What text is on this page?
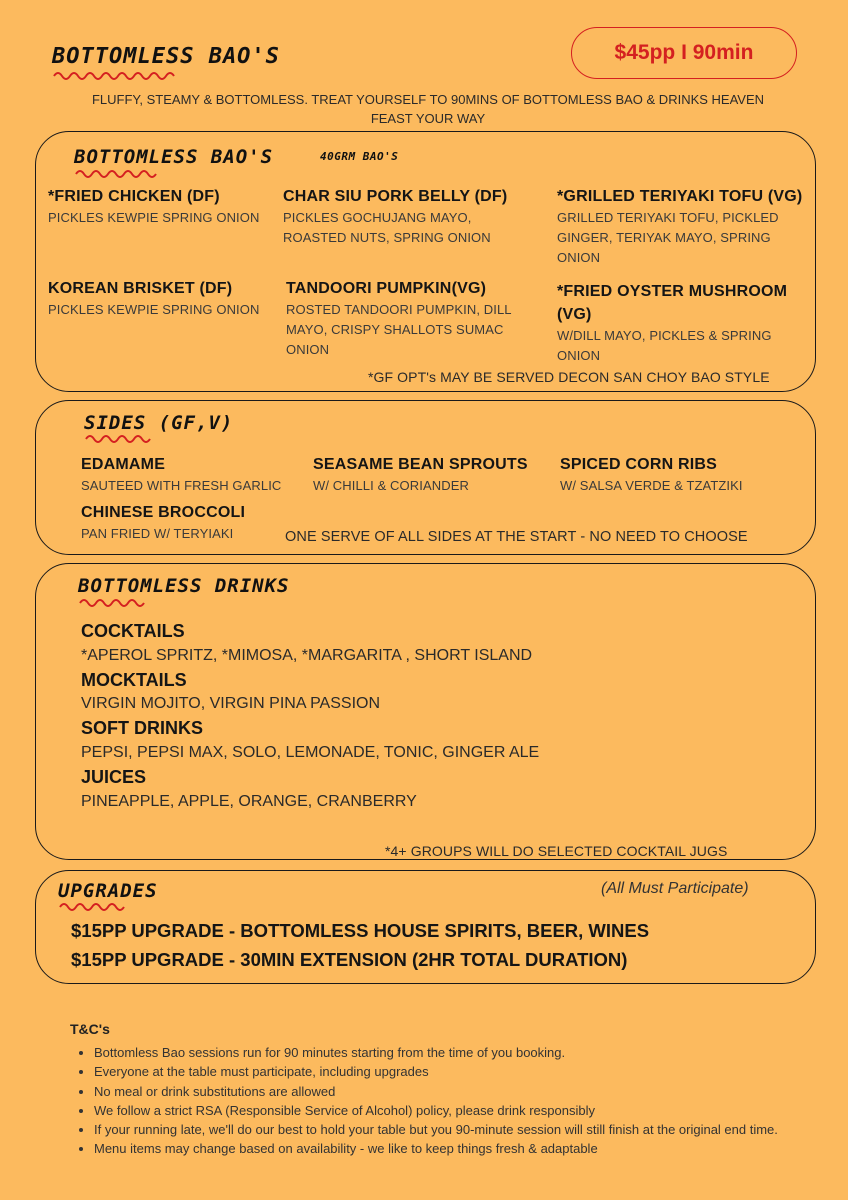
BOTTOMLESS BAO'S	$45pp I 90min
FLUFFY, STEAMY & BOTTOMLESS. TREAT YOURSELF TO 90MINS OF BOTTOMLESS BAO & DRINKS HEAVEN
FEAST YOUR WAY
BOTTOMLESS BAO'S	40GRM BAO'S
*FRIED CHICKEN (DF)
PICKLES KEWPIE SPRING ONION
CHAR SIU PORK BELLY (DF)
PICKLES GOCHUJANG MAYO, ROASTED NUTS, SPRING ONION
*GRILLED TERIYAKI TOFU (VG)
GRILLED TERIYAKI TOFU, PICKLED GINGER, TERIYAK MAYO, SPRING ONION
KOREAN BRISKET (DF)
PICKLES KEWPIE SPRING ONION
TANDOORI PUMPKIN(VG)
ROSTED TANDOORI PUMPKIN, DILL MAYO, CRISPY SHALLOTS SUMAC ONION
*FRIED OYSTER MUSHROOM (VG)
W/DILL MAYO, PICKLES & SPRING ONION
*GF OPT's MAY BE SERVED DECON SAN CHOY BAO STYLE
SIDES (GF,V)
EDAMAME
SAUTEED WITH FRESH GARLIC
SEASAME BEAN SPROUTS
W/ CHILLI & CORIANDER
SPICED CORN RIBS
W/ SALSA VERDE & TZATZIKI
CHINESE BROCCOLI
PAN FRIED W/ TERYIAKI	ONE SERVE OF ALL SIDES AT THE START - NO NEED TO CHOOSE
BOTTOMLESS DRINKS
COCKTAILS
*APEROL SPRITZ, *MIMOSA, *MARGARITA , SHORT ISLAND
MOCKTAILS
VIRGIN MOJITO, VIRGIN PINA PASSION
SOFT DRINKS
PEPSI, PEPSI MAX, SOLO, LEMONADE, TONIC, GINGER ALE
JUICES
PINEAPPLE, APPLE, ORANGE, CRANBERRY
*4+ GROUPS WILL DO SELECTED COCKTAIL JUGS
UPGRADES	(All Must Participate)
$15PP UPGRADE - BOTTOMLESS HOUSE SPIRITS, BEER, WINES
$15PP UPGRADE - 30MIN EXTENSION (2HR TOTAL DURATION)
T&C's
• Bottomless Bao sessions run for 90 minutes starting from the time of you booking.
• Everyone at the table must participate, including upgrades
• No meal or drink substitutions are allowed
• We follow a strict RSA (Responsible Service of Alcohol) policy, please drink responsibly
• If your running late, we'll do our best to hold your table but you 90-minute session will still finish at the original end time.
• Menu items may change based on availability - we like to keep things fresh & adaptable
